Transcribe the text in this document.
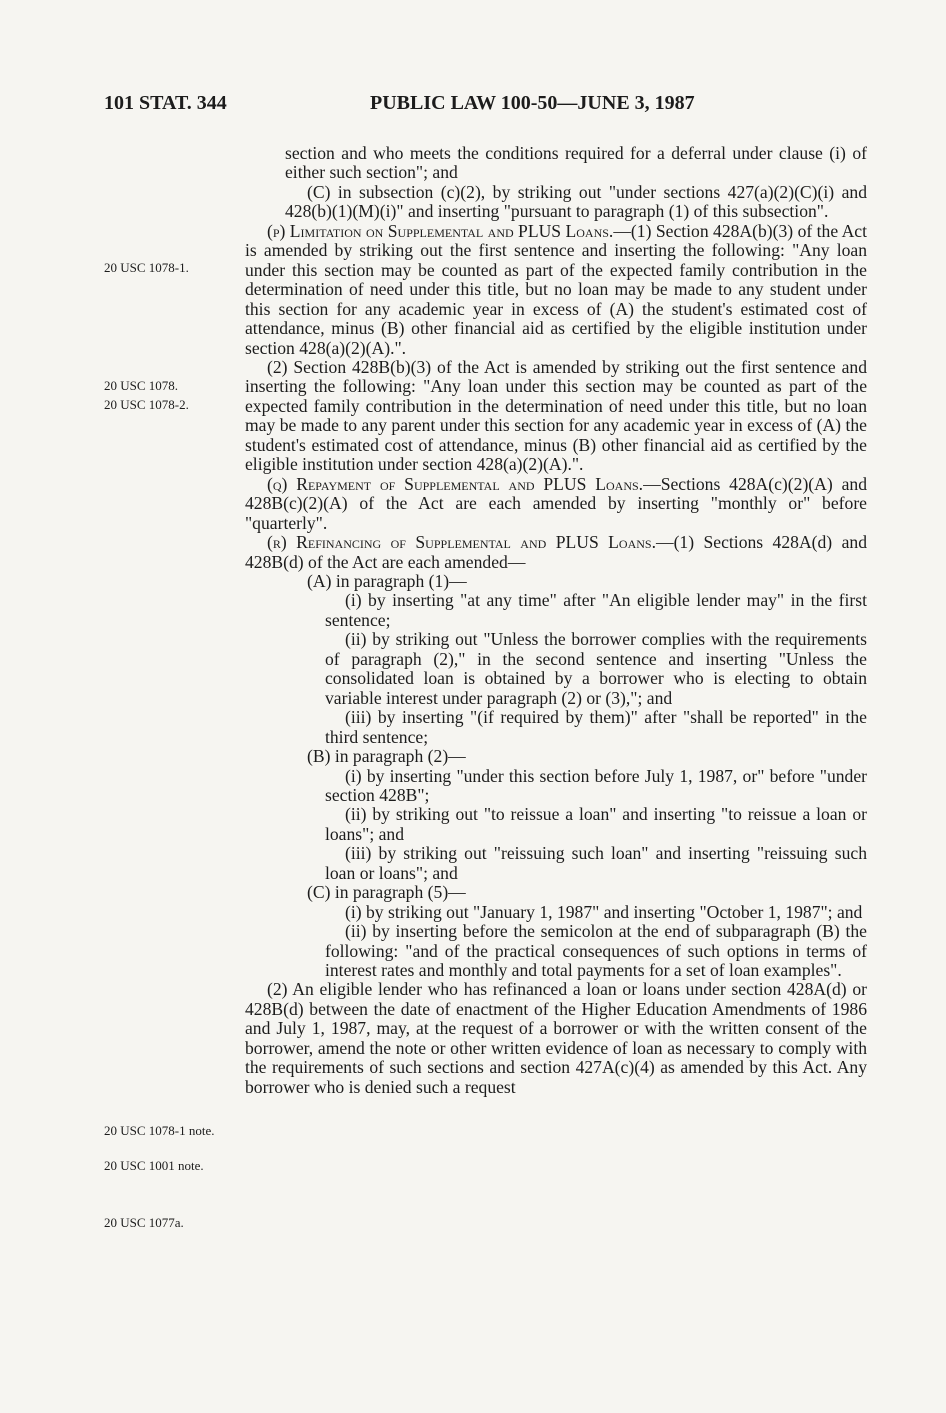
101 STAT. 344	PUBLIC LAW 100-50—JUNE 3, 1987
20 USC 1078-1.
20 USC 1078.
20 USC 1078-2.
20 USC 1078-1 note.
20 USC 1001 note.
20 USC 1077a.

section and who meets the conditions required for a deferral under clause (i) of either such section"; and

(C) in subsection (c)(2), by striking out "under sections 427(a)(2)(C)(i) and 428(b)(1)(M)(i)" and inserting "pursuant to paragraph (1) of this subsection".

(p) Limitation on Supplemental and PLUS Loans.—(1) Section 428A(b)(3) of the Act is amended by striking out the first sentence and inserting the following: "Any loan under this section may be counted as part of the expected family contribution in the determination of need under this title, but no loan may be made to any student under this section for any academic year in excess of (A) the student's estimated cost of attendance, minus (B) other financial aid as certified by the eligible institution under section 428(a)(2)(A).".

(2) Section 428B(b)(3) of the Act is amended by striking out the first sentence and inserting the following: "Any loan under this section may be counted as part of the expected family contribution in the determination of need under this title, but no loan may be made to any parent under this section for any academic year in excess of (A) the student's estimated cost of attendance, minus (B) other financial aid as certified by the eligible institution under section 428(a)(2)(A).".

(q) Repayment of Supplemental and PLUS Loans.—Sections 428A(c)(2)(A) and 428B(c)(2)(A) of the Act are each amended by inserting "monthly or" before "quarterly".

(r) Refinancing of Supplemental and PLUS Loans.—(1) Sections 428A(d) and 428B(d) of the Act are each amended—

(A) in paragraph (1)—

(i) by inserting "at any time" after "An eligible lender may" in the first sentence;

(ii) by striking out "Unless the borrower complies with the requirements of paragraph (2)," in the second sentence and inserting "Unless the consolidated loan is obtained by a borrower who is electing to obtain variable interest under paragraph (2) or (3),"; and

(iii) by inserting "(if required by them)" after "shall be reported" in the third sentence;

(B) in paragraph (2)—

(i) by inserting "under this section before July 1, 1987, or" before "under section 428B";

(ii) by striking out "to reissue a loan" and inserting "to reissue a loan or loans"; and

(iii) by striking out "reissuing such loan" and inserting "reissuing such loan or loans"; and

(C) in paragraph (5)—

(i) by striking out "January 1, 1987" and inserting "October 1, 1987"; and

(ii) by inserting before the semicolon at the end of subparagraph (B) the following: "and of the practical consequences of such options in terms of interest rates and monthly and total payments for a set of loan examples".

(2) An eligible lender who has refinanced a loan or loans under section 428A(d) or 428B(d) between the date of enactment of the Higher Education Amendments of 1986 and July 1, 1987, may, at the request of a borrower or with the written consent of the borrower, amend the note or other written evidence of loan as necessary to comply with the requirements of such sections and section 427A(c)(4) as amended by this Act. Any borrower who is denied such a request
